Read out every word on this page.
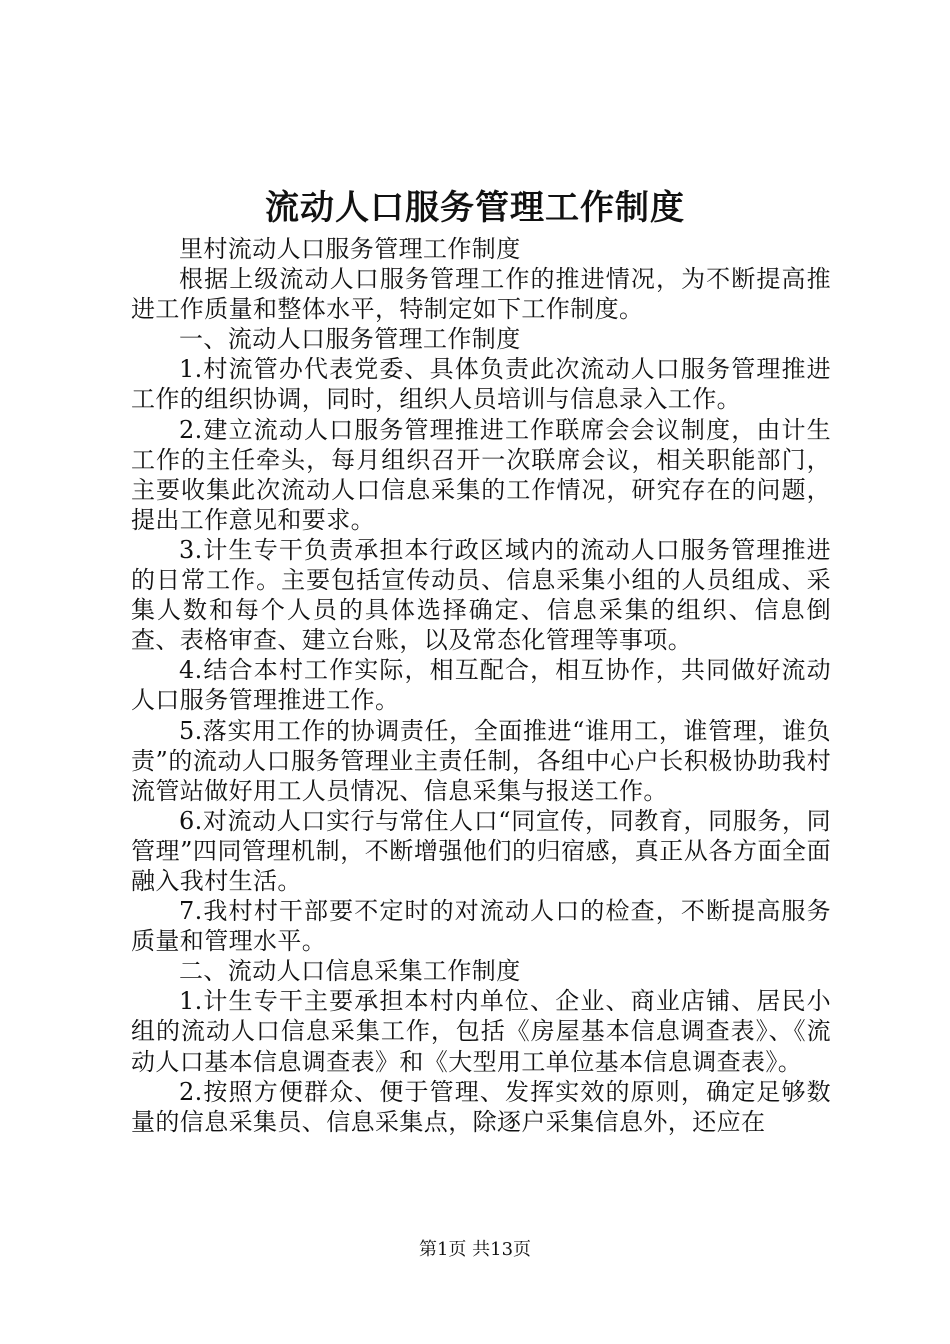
流动人口服务管理工作制度

里村流动人口服务管理工作制度

根据上级流动人口服务管理工作的推进情况，为不断提高推进工作质量和整体水平，特制定如下工作制度。

一、流动人口服务管理工作制度

1.村流管办代表党委、具体负责此次流动人口服务管理推进工作的组织协调，同时，组织人员培训与信息录入工作。

2.建立流动人口服务管理推进工作联席会会议制度，由计生工作的主任牵头，每月组织召开一次联席会议，相关职能部门，主要收集此次流动人口信息采集的工作情况，研究存在的问题，提出工作意见和要求。

3.计生专干负责承担本行政区域内的流动人口服务管理推进的日常工作。主要包括宣传动员、信息采集小组的人员组成、采集人数和每个人员的具体选择确定、信息采集的组织、信息倒查、表格审查、建立台账，以及常态化管理等事项。

4.结合本村工作实际，相互配合，相互协作，共同做好流动人口服务管理推进工作。

5.落实用工作的协调责任，全面推进“谁用工，谁管理，谁负责”的流动人口服务管理业主责任制，各组中心户长积极协助我村流管站做好用工人员情况、信息采集与报送工作。

6.对流动人口实行与常住人口“同宣传，同教育，同服务，同管理”四同管理机制，不断增强他们的归宿感，真正从各方面全面融入我村生活。

7.我村村干部要不定时的对流动人口的检查，不断提高服务质量和管理水平。

二、流动人口信息采集工作制度

1.计生专干主要承担本村内单位、企业、商业店铺、居民小组的流动人口信息采集工作，包括《房屋基本信息调查表》、《流动人口基本信息调查表》和《大型用工单位基本信息调查表》。

2.按照方便群众、便于管理、发挥实效的原则，确定足够数量的信息采集员、信息采集点，除逐户采集信息外，还应在

第1页 共13页
